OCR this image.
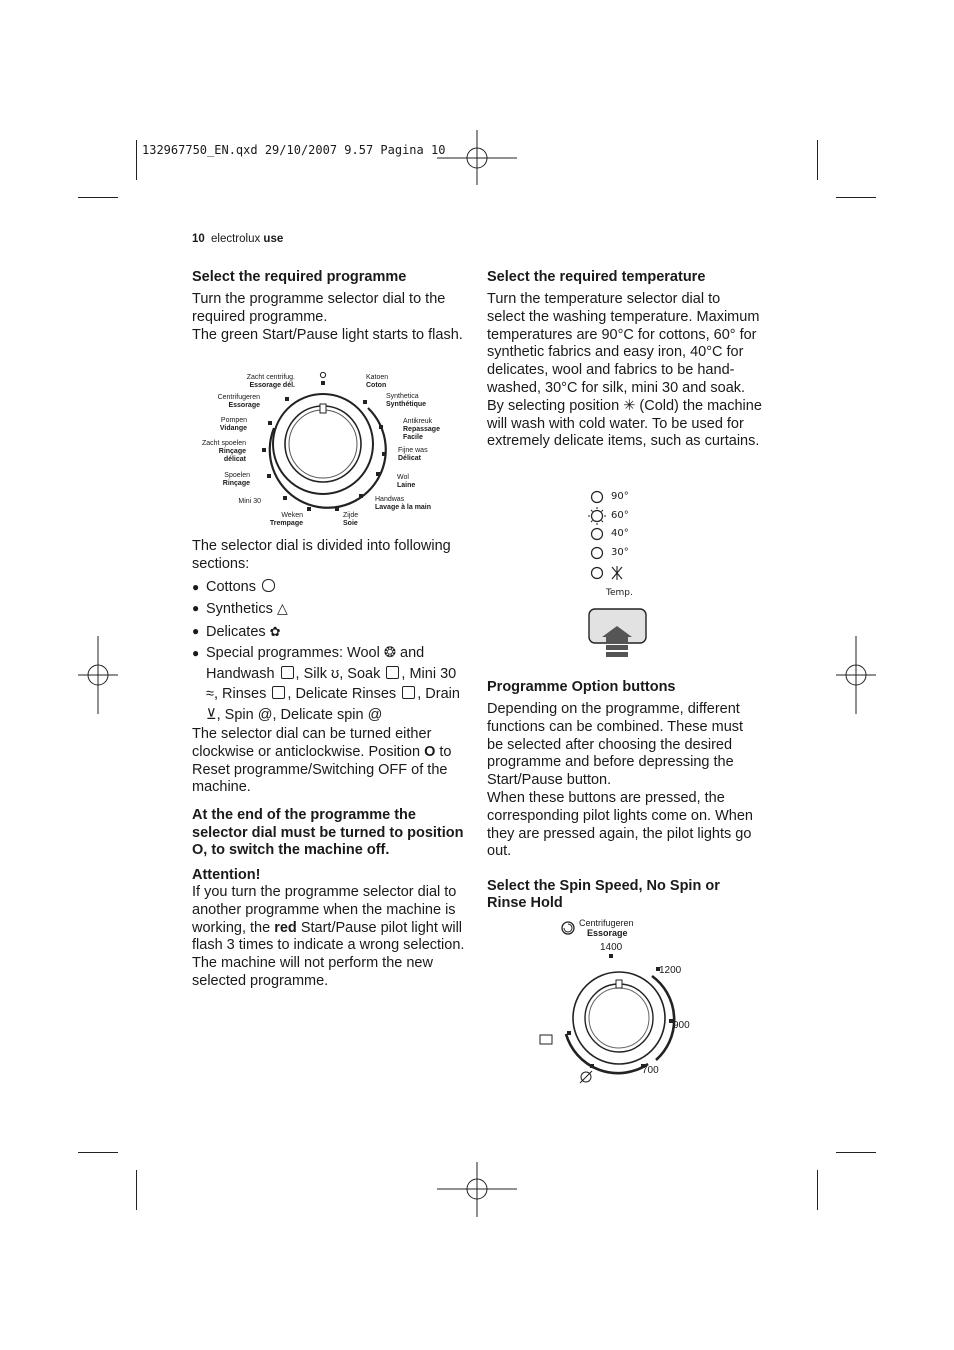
132967750_EN.qxd 29/10/2007 9.57 Pagina 10
10 electrolux use
Select the required programme
Turn the programme selector dial to the required programme.
The green Start/Pause light starts to flash.
Zacht centrifug.
Essorage dél.
Centrifugeren
Essorage
Pompen
Vidange
Zacht spoelen
Rinçage
délicat
Spoelen
Rinçage
Mini 30
Weken
Trempage
Zijde
Soie
Handwas
Lavage à la main
Wol
Laine
Fijne was
Délicat
Antikreuk
Repassage
Facile
Synthetica
Synthétique
Katoen
Coton
The selector dial is divided into following sections:
● Cottons
● Synthetics △
● Delicates ✿
● Special programmes: Wool ❂ and Handwash , Silk ʊ, Soak , Mini 30 ≈, Rinses , Delicate Rinses , Drain ⊻, Spin @, Delicate spin @
The selector dial can be turned either clockwise or anticlockwise. Position O to Reset programme/Switching OFF of the machine.
At the end of the programme the selector dial must be turned to position O, to switch the machine off.
Attention!
If you turn the programme selector dial to another programme when the machine is working, the red Start/Pause pilot light will flash 3 times to indicate a wrong selection. The machine will not perform the new selected programme.
Select the required temperature
Turn the temperature selector dial to select the washing temperature. Maximum temperatures are 90°C for cottons, 60° for synthetic fabrics and easy iron, 40°C for delicates, wool and fabrics to be hand-washed, 30°C for silk, mini 30 and soak.
By selecting position ✳ (Cold) the machine will wash with cold water. To be used for extremely delicate items, such as curtains.
90°
60°
40°
30°
Temp.
Programme Option buttons
Depending on the programme, different functions can be combined. These must be selected after choosing the desired programme and before depressing the Start/Pause button.
When these buttons are pressed, the corresponding pilot lights come on. When they are pressed again, the pilot lights go out.
Select the Spin Speed, No Spin or Rinse Hold
Centrifugeren
Essorage
1400
1200
900
700
